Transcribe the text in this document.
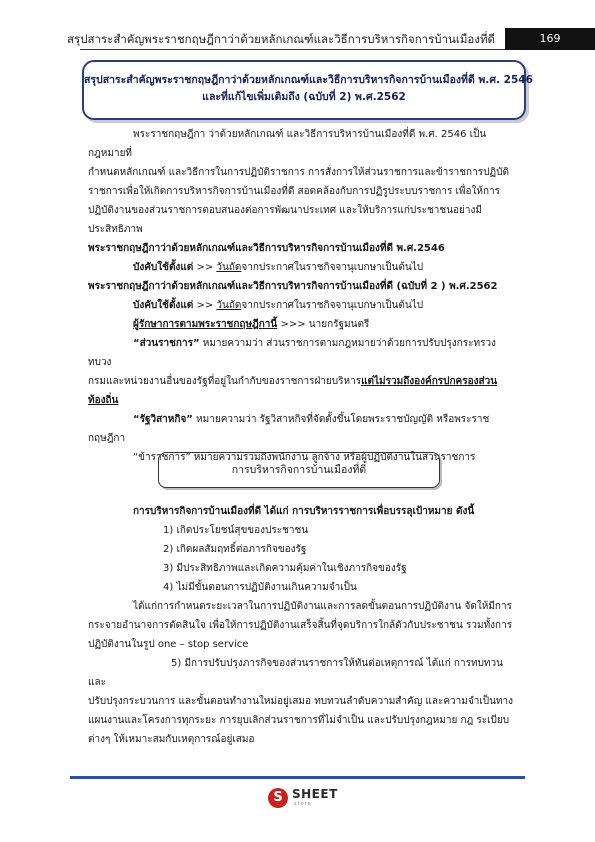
สรุปสาระสำคัญพระราชกฤษฎีกาว่าด้วยหลักเกณฑ์และวิธีการบริหารกิจการบ้านเมืองที่ดี	169
สรุปสาระสำคัญพระราชกฤษฎีกาว่าด้วยหลักเกณฑ์และวิธีการบริหารกิจการบ้านเมืองที่ดี พ.ศ. 2546
และที่แก้ไขเพิ่มเติมถึง (ฉบับที่ 2) พ.ศ.2562

พระราชกฤษฎีกา ว่าด้วยหลักเกณฑ์ และวิธีการบริหารบ้านเมืองที่ดี พ.ศ. 2546 เป็นกฎหมายที่

กำหนดหลักเกณฑ์ และวิธีการในการปฏิบัติราชการ การสั่งการให้ส่วนราชการและข้าราชการปฏิบัติ

ราชการเพื่อให้เกิดการบริหารกิจการบ้านเมืองที่ดี สอดคล้องกับการปฏิรูประบบราชการ เพื่อให้การ

ปฏิบัติงานของส่วนราชการตอบสนองต่อการพัฒนาประเทศ และให้บริการแก่ประชาชนอย่างมี

ประสิทธิภาพ

พระราชกฤษฎีกาว่าด้วยหลักเกณฑ์และวิธีการบริหารกิจการบ้านเมืองที่ดี พ.ศ.2546

บังคับใช้ตั้งแต่ >> วันถัดจากประกาศในราชกิจจานุเบกษาเป็นต้นไป

พระราชกฤษฎีกาว่าด้วยหลักเกณฑ์และวิธีการบริหารกิจการบ้านเมืองที่ดี (ฉบับที่ 2 ) พ.ศ.2562

บังคับใช้ตั้งแต่ >> วันถัดจากประกาศในราชกิจจานุเบกษาเป็นต้นไป

ผู้รักษาการตามพระราชกฤษฎีกานี้ >>> นายกรัฐมนตรี

“ส่วนราชการ” หมายความว่า ส่วนราชการตามกฎหมายว่าด้วยการปรับปรุงกระทรวง ทบวง

กรมและหน่วยงานอื่นของรัฐที่อยู่ในกำกับของราชการฝ่ายบริหารแต่ไม่รวมถึงองค์กรปกครองส่วน

ท้องถิ่น

“รัฐวิสาหกิจ” หมายความว่า รัฐวิสาหกิจที่จัดตั้งขึ้นโดยพระราชบัญญัติ หรือพระราชกฤษฎีกา

“ข้าราชการ” หมายความรวมถึงพนักงาน ลูกจ้าง หรือผู้ปฏิบัติงานในส่วนราชการ

การบริหารกิจการบ้านเมืองที่ดี

การบริหารกิจการบ้านเมืองที่ดี ได้แก่ การบริหารราชการเพื่อบรรลุเป้าหมาย ดังนี้

1) เกิดประโยชน์สุขของประชาชน

2) เกิดผลสัมฤทธิ์ต่อภารกิจของรัฐ

3) มีประสิทธิภาพและเกิดความคุ้มค่าในเชิงภารกิจของรัฐ

4) ไม่มีขั้นตอนการปฏิบัติงานเกินความจำเป็น

ได้แก่การกำหนดระยะเวลาในการปฏิบัติงานและการลดขั้นตอนการปฏิบัติงาน จัดให้มีการ

กระจายอำนาจการตัดสินใจ เพื่อให้การปฏิบัติงานเสร็จสิ้นที่จุดบริการใกล้ตัวกับประชาชน รวมทั้งการ

ปฏิบัติงานในรูป one – stop service

5) มีการปรับปรุงภารกิจของส่วนราชการให้ทันต่อเหตุการณ์ ได้แก่ การทบทวนและ

ปรับปรุงกระบวนการ และขั้นตอนทำงานใหม่อยู่เสมอ ทบทวนลำดับความสำคัญ และความจำเป็นทาง

แผนงานและโครงการทุกระยะ การยุบเลิกส่วนราชการที่ไม่จำเป็น และปรับปรุงกฎหมาย กฎ ระเบียบ

ต่างๆ ให้เหมาะสมกับเหตุการณ์อยู่เสมอ

S SHEET
store
